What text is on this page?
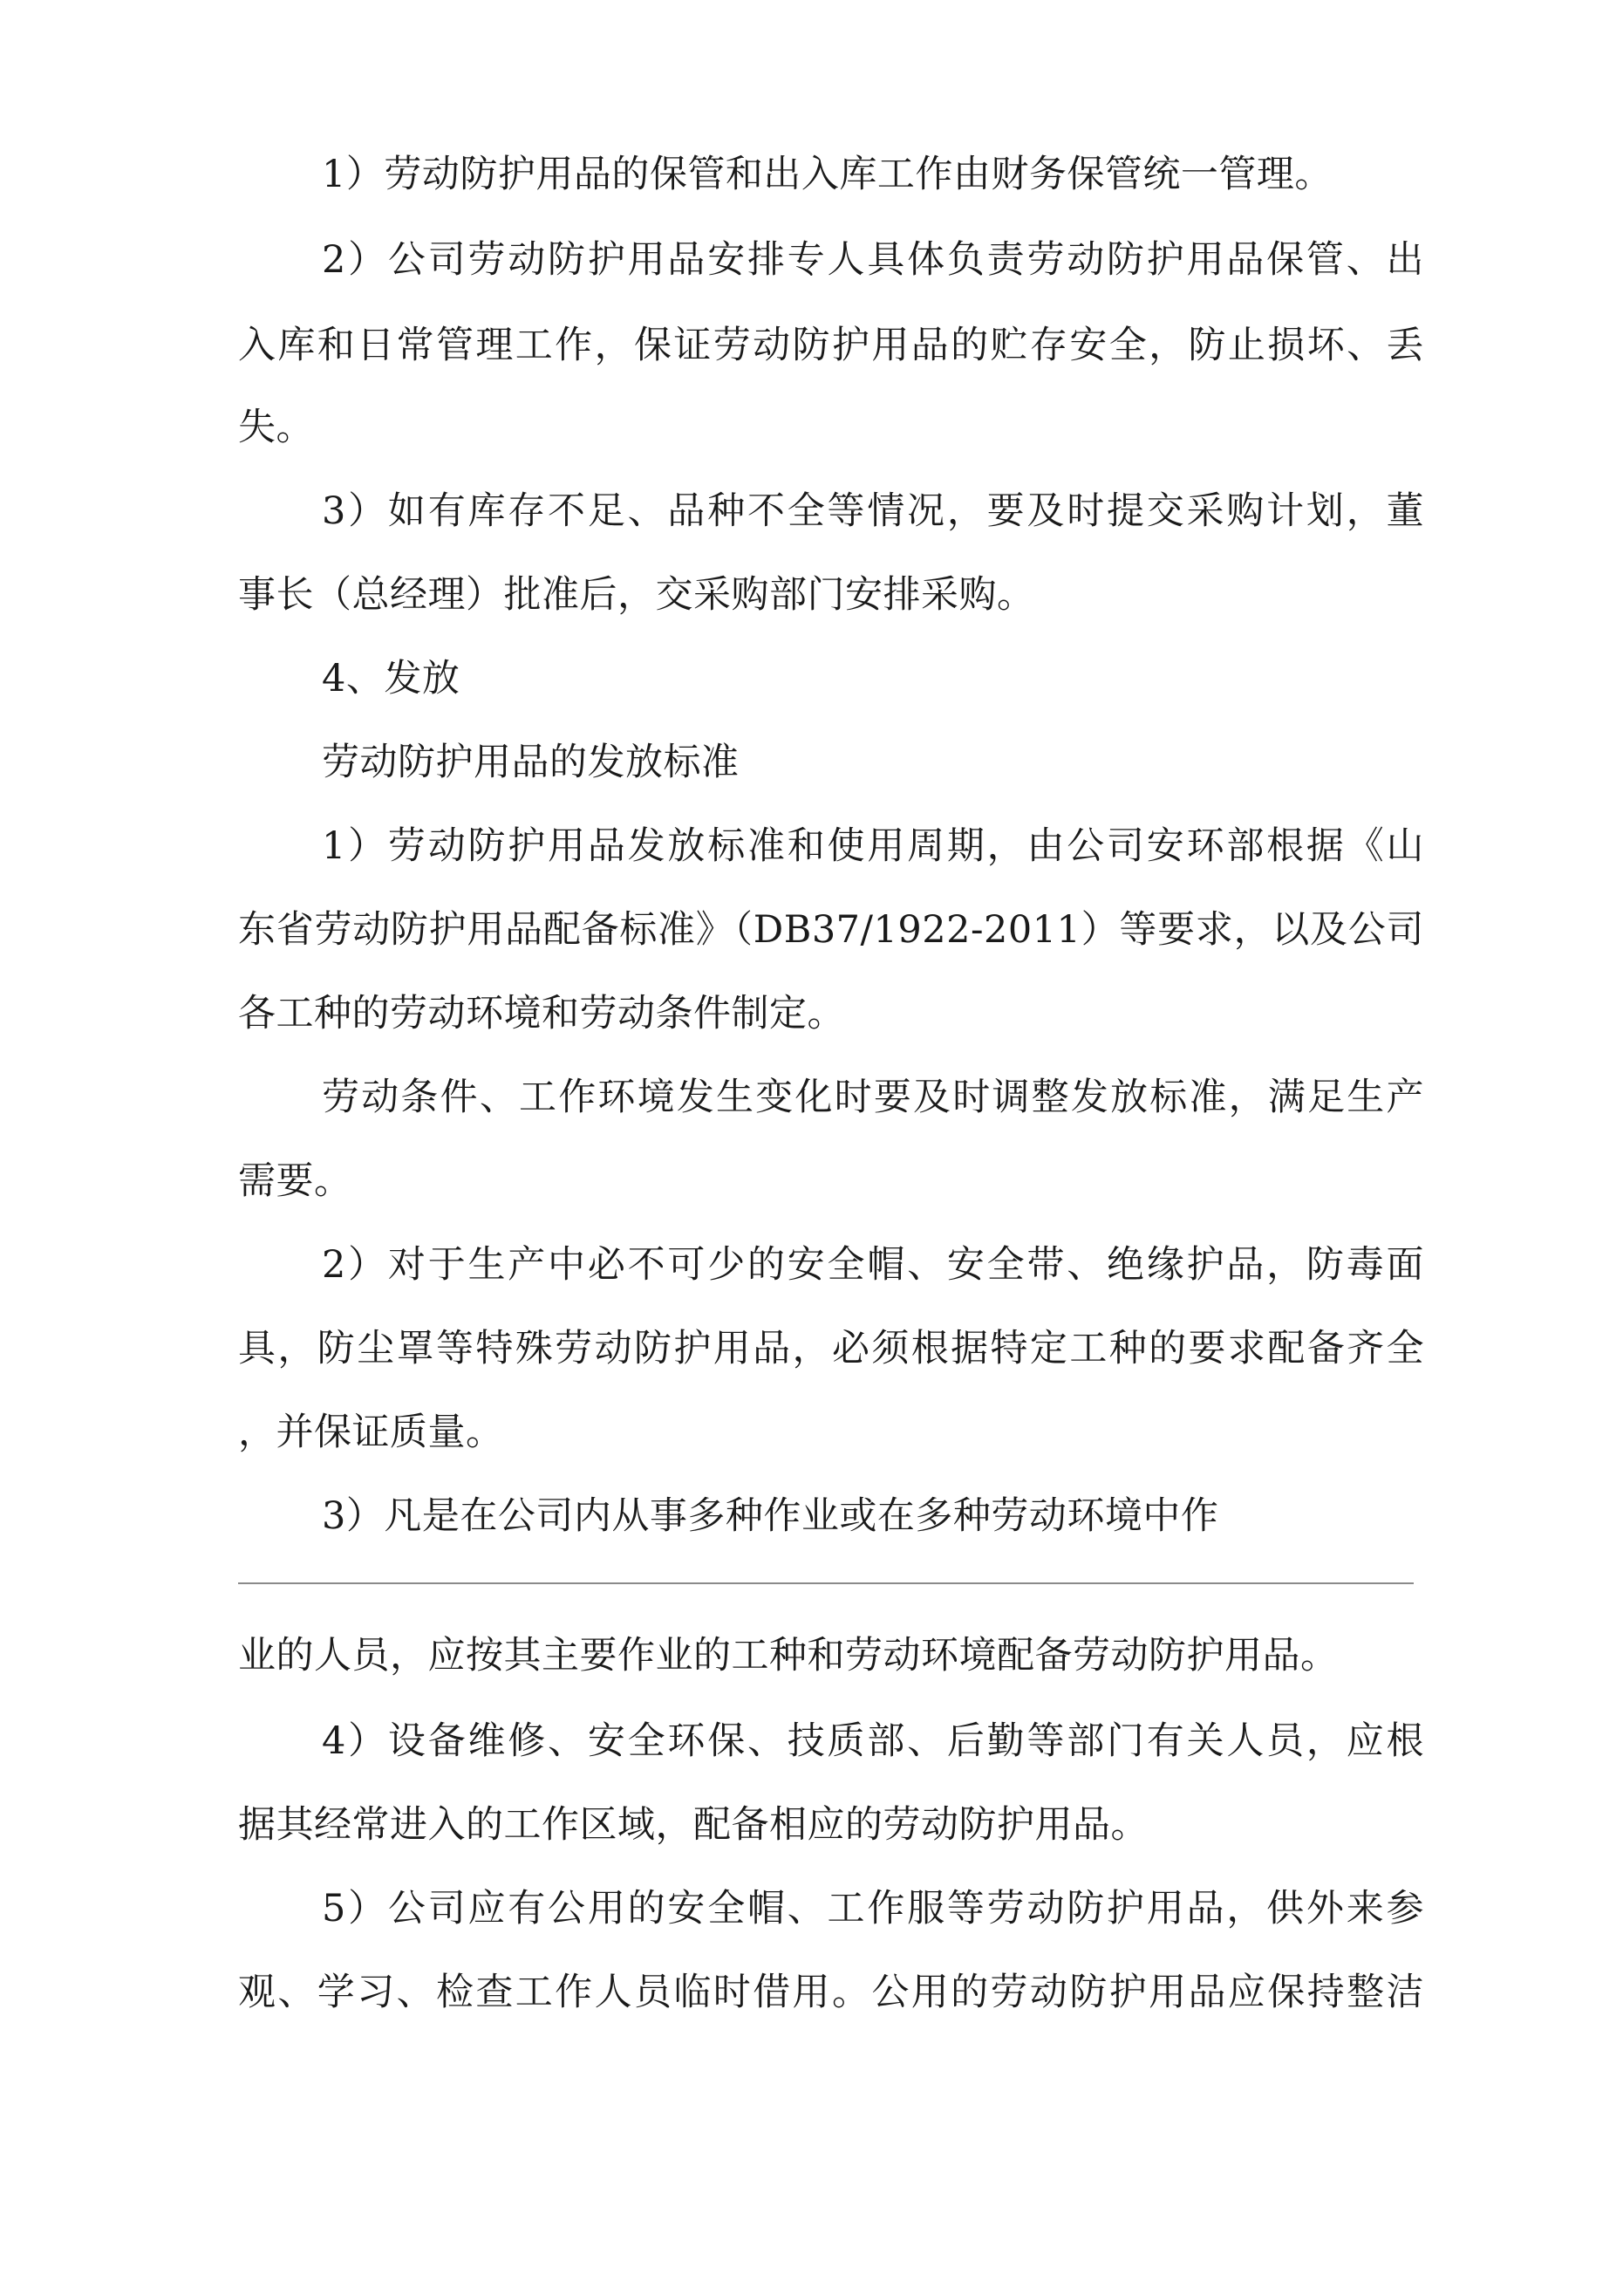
1）劳动防护用品的保管和出入库工作由财务保管统一管理。
2）公司劳动防护用品安排专人具体负责劳动防护用品保管、出
入库和日常管理工作，保证劳动防护用品的贮存安全，防止损坏、丢
失。
3）如有库存不足、品种不全等情况，要及时提交采购计划，董
事长（总经理）批准后，交采购部门安排采购。
4、发放
劳动防护用品的发放标准
1）劳动防护用品发放标准和使用周期，由公司安环部根据《山
东省劳动防护用品配备标准》（DB37/1922-2011）等要求，以及公司
各工种的劳动环境和劳动条件制定。
劳动条件、工作环境发生变化时要及时调整发放标准，满足生产
需要。
2）对于生产中必不可少的安全帽、安全带、绝缘护品，防毒面
具，防尘罩等特殊劳动防护用品，必须根据特定工种的要求配备齐全
，并保证质量。
3）凡是在公司内从事多种作业或在多种劳动环境中作
业的人员，应按其主要作业的工种和劳动环境配备劳动防护用品。
4）设备维修、安全环保、技质部、后勤等部门有关人员，应根
据其经常进入的工作区域，配备相应的劳动防护用品。
5）公司应有公用的安全帽、工作服等劳动防护用品，供外来参
观、学习、检查工作人员临时借用。公用的劳动防护用品应保持整洁
